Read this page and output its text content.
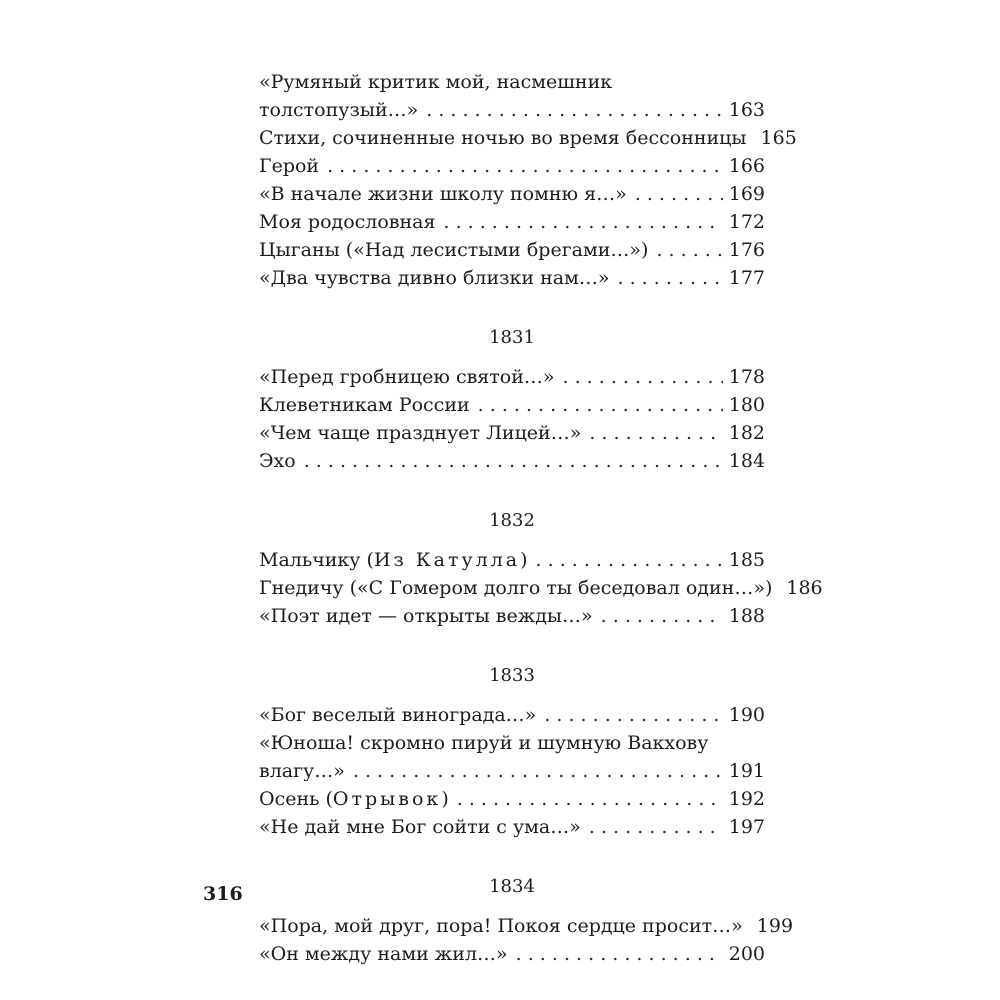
«Румяный критик мой, насмешник
толстопузый…» . . .	163
Стихи, сочиненные ночью во время бессонницы 165
Герой . . .	166
«В начале жизни школу помню я…» . . .	169
Моя родословная . . .	172
Цыганы («Над лесистыми брегами…») . . .	176
«Два чувства дивно близки нам…» . . .	177
1831
«Перед гробницею святой…» . . .	178
Клеветникам России . . .	180
«Чем чаще празднует Лицей…» . . .	182
Эхо . . .	184
1832
Мальчику (Из Катулла) . . .	185
Гнедичу («С Гомером долго ты беседовал один…») 186
«Поэт идет — открыты вежды…» . . .	188
1833
«Бог веселый винограда…» . . .	190
«Юноша! скромно пируй и шумную Вакхову
влагу…» . . .	191
Осень (Отрывок) . . .	192
«Не дай мне Бог сойти с ума…» . . .	197
1834
«Пора, мой друг, пора! Покоя сердце просит…» 199
«Он между нами жил…» . . .	200
316
